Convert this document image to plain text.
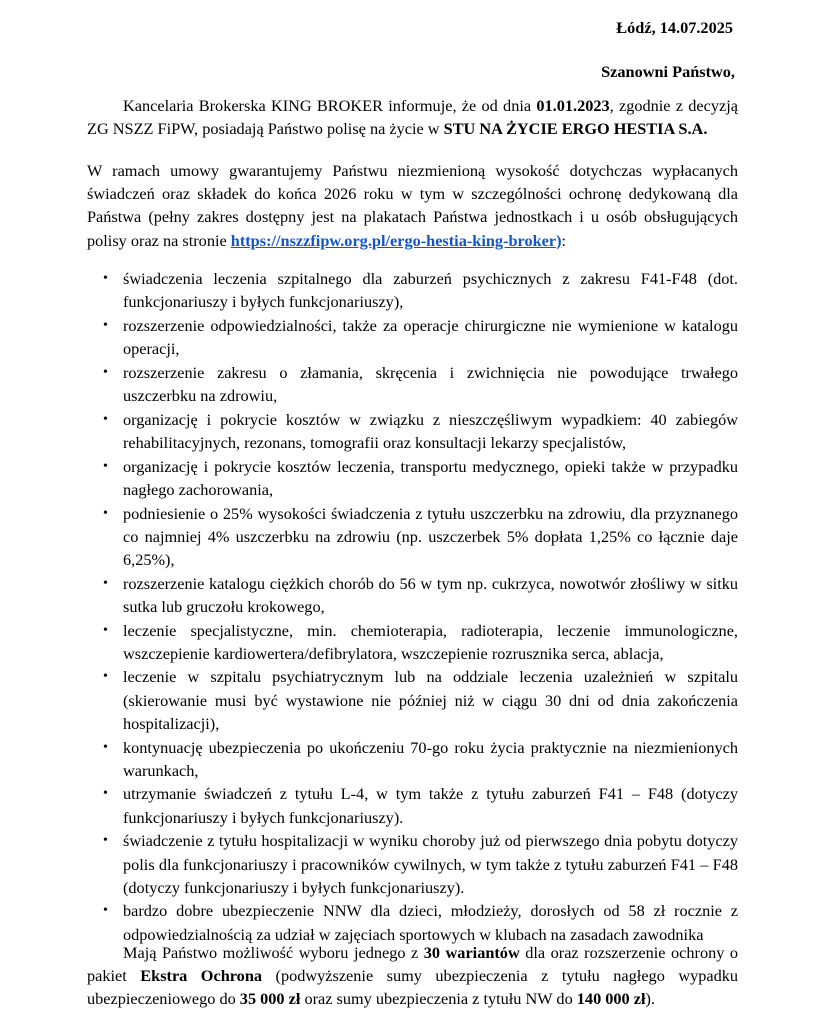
Łódź, 14.07.2025
Szanowni Państwo,
Kancelaria Brokerska KING BROKER informuje, że od dnia 01.01.2023, zgodnie z decyzją ZG NSZZ FiPW, posiadają Państwo polisę na życie w STU NA ŻYCIE ERGO HESTIA S.A.
W ramach umowy gwarantujemy Państwu niezmienioną wysokość dotychczas wypłacanych świadczeń oraz składek do końca 2026 roku w tym w szczególności ochronę dedykowaną dla Państwa (pełny zakres dostępny jest na plakatach Państwa jednostkach i u osób obsługujących polisy oraz na stronie https://nszzfipw.org.pl/ergo-hestia-king-broker):
• świadczenia leczenia szpitalnego dla zaburzeń psychicznych z zakresu F41-F48 (dot. funkcjonariuszy i byłych funkcjonariuszy),
• rozszerzenie odpowiedzialności, także za operacje chirurgiczne nie wymienione w katalogu operacji,
• rozszerzenie zakresu o złamania, skręcenia i zwichnięcia nie powodujące trwałego uszczerbku na zdrowiu,
• organizację i pokrycie kosztów w związku z nieszczęśliwym wypadkiem: 40 zabiegów rehabilitacyjnych, rezonans, tomografii oraz konsultacji lekarzy specjalistów,
• organizację i pokrycie kosztów leczenia, transportu medycznego, opieki także w przypadku nagłego zachorowania,
• podniesienie o 25% wysokości świadczenia z tytułu uszczerbku na zdrowiu, dla przyznanego co najmniej 4% uszczerbku na zdrowiu (np. uszczerbek 5% dopłata 1,25% co łącznie daje 6,25%),
• rozszerzenie katalogu ciężkich chorób do 56 w tym np. cukrzyca, nowotwór złośliwy w sitku sutka lub gruczołu krokowego,
• leczenie specjalistyczne, min. chemioterapia, radioterapia, leczenie immunologiczne, wszczepienie kardiowertera/defibrylatora, wszczepienie rozrusznika serca, ablacja,
• leczenie w szpitalu psychiatrycznym lub na oddziale leczenia uzależnień w szpitalu (skierowanie musi być wystawione nie później niż w ciągu 30 dni od dnia zakończenia hospitalizacji),
• kontynuację ubezpieczenia po ukończeniu 70-go roku życia praktycznie na niezmienionych warunkach,
• utrzymanie świadczeń z tytułu L-4, w tym także z tytułu zaburzeń F41 – F48 (dotyczy funkcjonariuszy i byłych funkcjonariuszy).
• świadczenie z tytułu hospitalizacji w wyniku choroby już od pierwszego dnia pobytu dotyczy polis dla funkcjonariuszy i pracowników cywilnych, w tym także z tytułu zaburzeń F41 – F48 (dotyczy funkcjonariuszy i byłych funkcjonariuszy).
• bardzo dobre ubezpieczenie NNW dla dzieci, młodzieży, dorosłych od 58 zł rocznie z odpowiedzialnością za udział w zajęciach sportowych w klubach na zasadach zawodnika
Mają Państwo możliwość wyboru jednego z 30 wariantów dla oraz rozszerzenie ochrony o pakiet Ekstra Ochrona (podwyższenie sumy ubezpieczenia z tytułu nagłego wypadku ubezpieczeniowego do 35 000 zł oraz sumy ubezpieczenia z tytułu NW do 140 000 zł).
